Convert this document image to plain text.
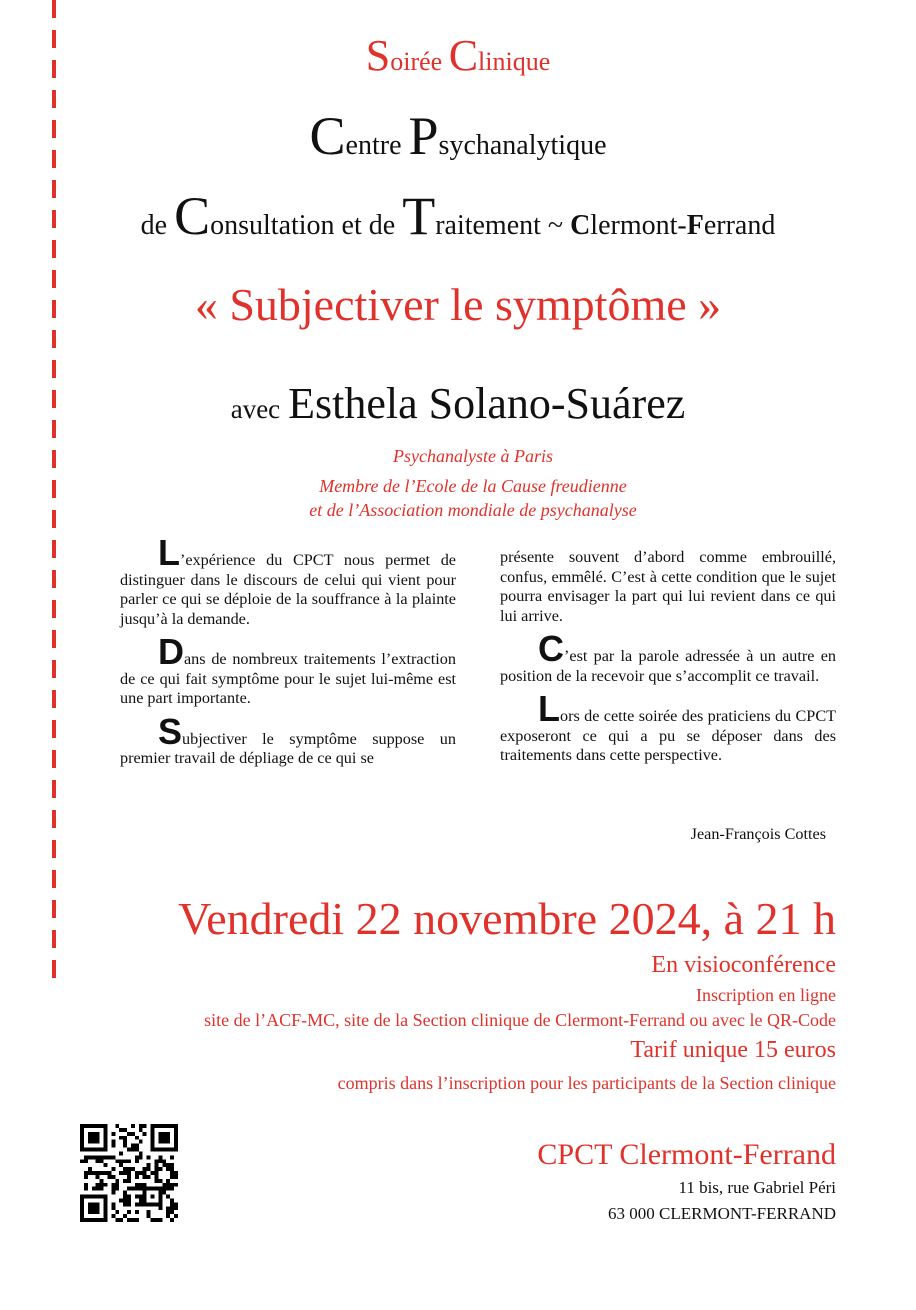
Soirée Clinique
Centre Psychanalytique
de Consultation et de Traitement ~ Clermont-Ferrand
« Subjectiver le symptôme »
avec Esthela Solano-Suárez
Psychanalyste à Paris
Membre de l’Ecole de la Cause freudienne
et de l’Association mondiale de psychanalyse

L’expérience du CPCT nous permet de distinguer dans le discours de celui qui vient pour parler ce qui se déploie de la souffrance à la plainte jusqu’à la demande.

Dans de nombreux traitements l’extraction de ce qui fait symptôme pour le sujet lui-même est une part importante.

Subjectiver le symptôme suppose un premier travail de dépliage de ce qui se

présente souvent d’abord comme embrouillé, confus, emmêlé. C’est à cette condition que le sujet pourra envisager la part qui lui revient dans ce qui lui arrive.

C’est par la parole adressée à un autre en position de la recevoir que s’accomplit ce travail.

Lors de cette soirée des praticiens du CPCT exposeront ce qui a pu se déposer dans des traitements dans cette perspective.

Jean-François Cottes
Vendredi 22 novembre 2024, à 21 h
En visioconférence
Inscription en ligne
site de l’ACF-MC, site de la Section clinique de Clermont-Ferrand ou avec le QR-Code
Tarif unique 15 euros
compris dans l’inscription pour les participants de la Section clinique
CPCT Clermont-Ferrand
11 bis, rue Gabriel Péri
63 000 CLERMONT-FERRAND
